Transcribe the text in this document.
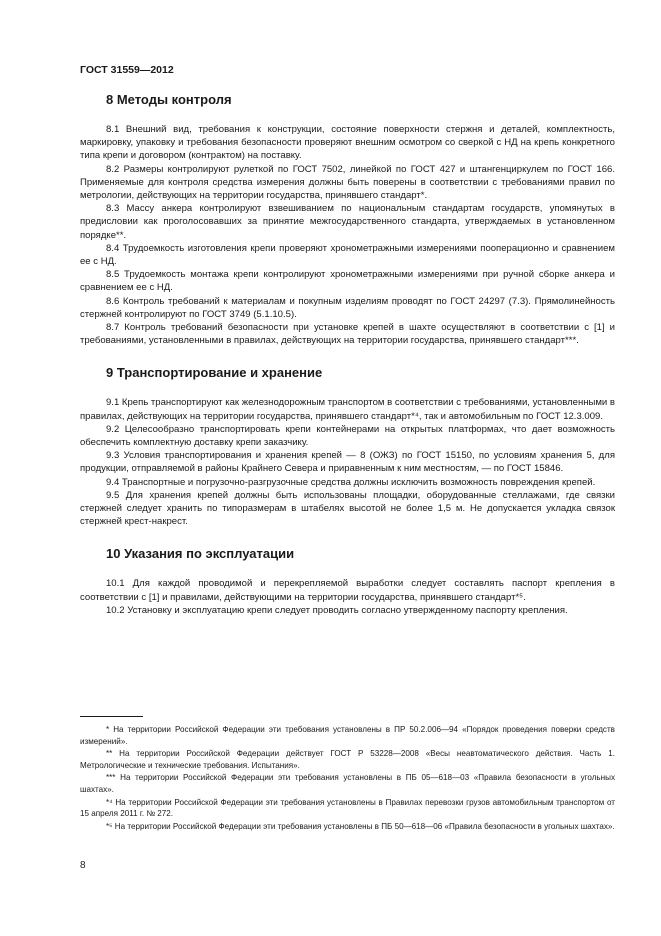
ГОСТ 31559—2012
8 Методы контроля

8.1 Внешний вид, требования к конструкции, состояние поверхности стержня и деталей, комплектность, маркировку, упаковку и требования безопасности проверяют внешним осмотром со сверкой с НД на крепь конкретного типа крепи и договором (контрактом) на поставку.

8.2 Размеры контролируют рулеткой по ГОСТ 7502, линейкой по ГОСТ 427 и штангенциркулем по ГОСТ 166. Применяемые для контроля средства измерения должны быть поверены в соответствии с требованиями правил по метрологии, действующих на территории государства, принявшего стандарт*.

8.3 Массу анкера контролируют взвешиванием по национальным стандартам государств, упомянутых в предисловии как проголосовавших за принятие межгосударственного стандарта, утверждаемых в установленном порядке**.

8.4 Трудоемкость изготовления крепи проверяют хронометражными измерениями пооперационно и сравнением ее с НД.

8.5 Трудоемкость монтажа крепи контролируют хронометражными измерениями при ручной сборке анкера и сравнением ее с НД.

8.6 Контроль требований к материалам и покупным изделиям проводят по ГОСТ 24297 (7.3). Прямолинейность стержней контролируют по ГОСТ 3749 (5.1.10.5).

8.7 Контроль требований безопасности при установке крепей в шахте осуществляют в соответствии с [1] и требованиями, установленными в правилах, действующих на территории государства, принявшего стандарт***.

9 Транспортирование и хранение

9.1 Крепь транспортируют как железнодорожным транспортом в соответствии с требованиями, установленными в правилах, действующих на территории государства, принявшего стандарт*⁴, так и автомобильным по ГОСТ 12.3.009.

9.2 Целесообразно транспортировать крепи контейнерами на открытых платформах, что дает возможность обеспечить комплектную доставку крепи заказчику.

9.3 Условия транспортирования и хранения крепей — 8 (ОЖЗ) по ГОСТ 15150, по условиям хранения 5, для продукции, отправляемой в районы Крайнего Севера и приравненным к ним местностям, — по ГОСТ 15846.

9.4 Транспортные и погрузочно-разгрузочные средства должны исключить возможность повреждения крепей.

9.5 Для хранения крепей должны быть использованы площадки, оборудованные стеллажами, где связки стержней следует хранить по типоразмерам в штабелях высотой не более 1,5 м. Не допускается укладка связок стержней крест-накрест.

10 Указания по эксплуатации

10.1 Для каждой проводимой и перекрепляемой выработки следует составлять паспорт крепления в соответствии с [1] и правилами, действующими на территории государства, принявшего стандарт*⁵.

10.2 Установку и эксплуатацию крепи следует проводить согласно утвержденному паспорту крепления.

* На территории Российской Федерации эти требования установлены в ПР 50.2.006—94 «Порядок проведения поверки средств измерений».

** На территории Российской Федерации действует ГОСТ Р 53228—2008 «Весы неавтоматического действия. Часть 1. Метрологические и технические требования. Испытания».

*** На территории Российской Федерации эти требования установлены в ПБ 05—618—03 «Правила безопасности в угольных шахтах».

*⁴ На территории Российской Федерации эти требования установлены в Правилах перевозки грузов автомобильным транспортом от 15 апреля 2011 г. № 272.

*⁵ На территории Российской Федерации эти требования установлены в ПБ 50—618—06 «Правила безопасности в угольных шахтах».

8
